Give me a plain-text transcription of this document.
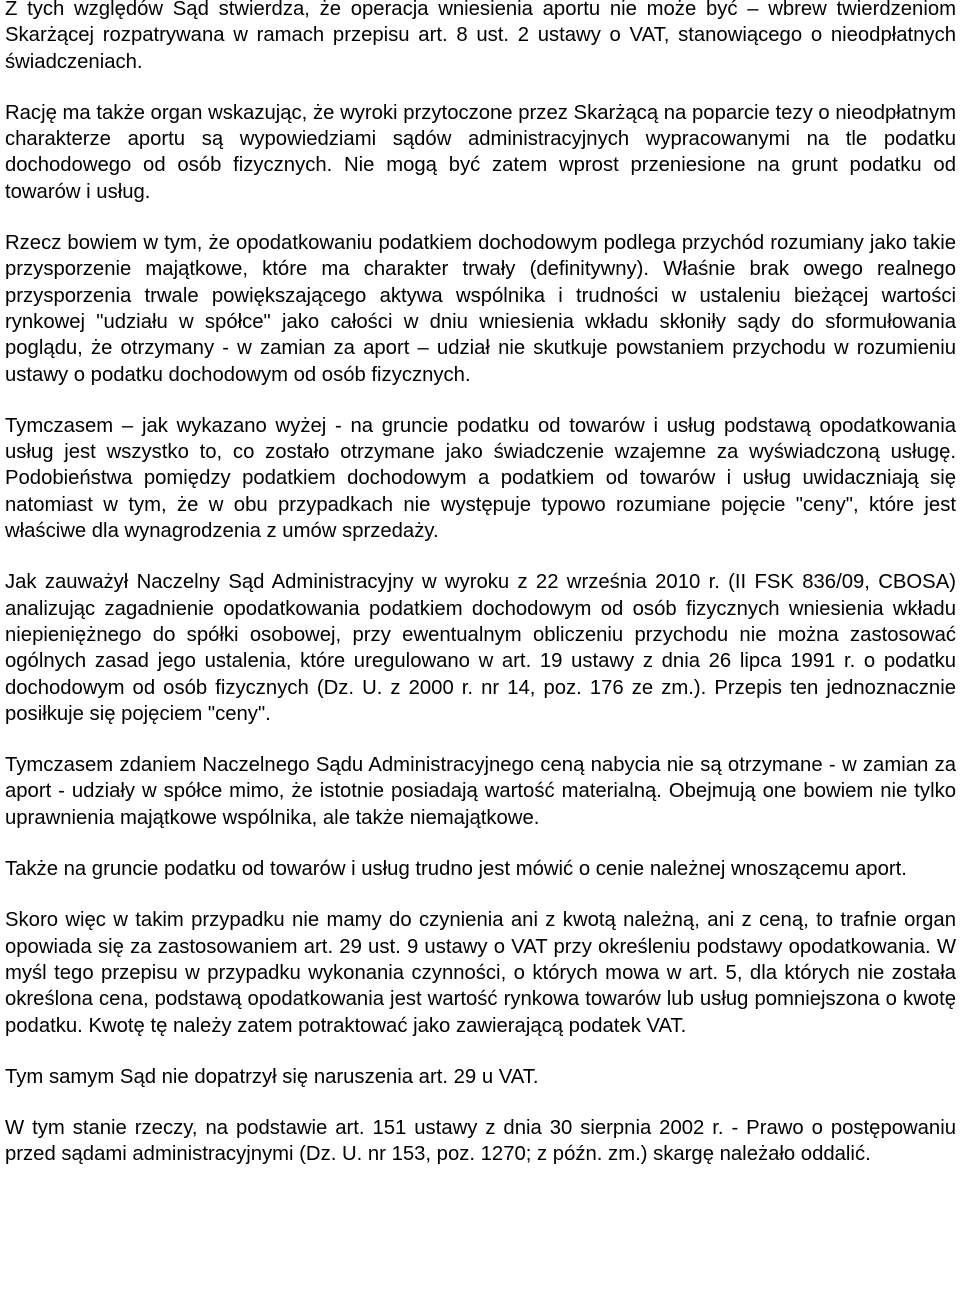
Z tych względów Sąd stwierdza, że operacja wniesienia aportu nie może być – wbrew twierdzeniom Skarżącej rozpatrywana w ramach przepisu art. 8 ust. 2 ustawy o VAT, stanowiącego o nieodpłatnych świadczeniach.

Rację ma także organ wskazując, że wyroki przytoczone przez Skarżącą na poparcie tezy o nieodpłatnym charakterze aportu są wypowiedziami sądów administracyjnych wypracowanymi na tle podatku dochodowego od osób fizycznych. Nie mogą być zatem wprost przeniesione na grunt podatku od towarów i usług.

Rzecz bowiem w tym, że opodatkowaniu podatkiem dochodowym podlega przychód rozumiany jako takie przysporzenie majątkowe, które ma charakter trwały (definitywny). Właśnie brak owego realnego przysporzenia trwale powiększającego aktywa wspólnika i trudności w ustaleniu bieżącej wartości rynkowej "udziału w spółce" jako całości w dniu wniesienia wkładu skłoniły sądy do sformułowania poglądu, że otrzymany - w zamian za aport – udział nie skutkuje powstaniem przychodu w rozumieniu ustawy o podatku dochodowym od osób fizycznych.

Tymczasem – jak wykazano wyżej - na gruncie podatku od towarów i usług podstawą opodatkowania usług jest wszystko to, co zostało otrzymane jako świadczenie wzajemne za wyświadczoną usługę. Podobieństwa pomiędzy podatkiem dochodowym a podatkiem od towarów i usług uwidaczniają się natomiast w tym, że w obu przypadkach nie występuje typowo rozumiane pojęcie "ceny", które jest właściwe dla wynagrodzenia z umów sprzedaży.

Jak zauważył Naczelny Sąd Administracyjny w wyroku z 22 września 2010 r. (II FSK 836/09, CBOSA) analizując zagadnienie opodatkowania podatkiem dochodowym od osób fizycznych wniesienia wkładu niepieniężnego do spółki osobowej, przy ewentualnym obliczeniu przychodu nie można zastosować ogólnych zasad jego ustalenia, które uregulowano w art. 19 ustawy z dnia 26 lipca 1991 r. o podatku dochodowym od osób fizycznych (Dz. U. z 2000 r. nr 14, poz. 176 ze zm.). Przepis ten jednoznacznie posiłkuje się pojęciem "ceny".

Tymczasem zdaniem Naczelnego Sądu Administracyjnego ceną nabycia nie są otrzymane - w zamian za aport - udziały w spółce mimo, że istotnie posiadają wartość materialną. Obejmują one bowiem nie tylko uprawnienia majątkowe wspólnika, ale także niemajątkowe.

Także na gruncie podatku od towarów i usług trudno jest mówić o cenie należnej wnoszącemu aport.

Skoro więc w takim przypadku nie mamy do czynienia ani z kwotą należną, ani z ceną, to trafnie organ opowiada się za zastosowaniem art. 29 ust. 9 ustawy o VAT przy określeniu podstawy opodatkowania. W myśl tego przepisu w przypadku wykonania czynności, o których mowa w art. 5, dla których nie została określona cena, podstawą opodatkowania jest wartość rynkowa towarów lub usług pomniejszona o kwotę podatku. Kwotę tę należy zatem potraktować jako zawierającą podatek VAT.

Tym samym Sąd nie dopatrzył się naruszenia art. 29 u VAT.

W tym stanie rzeczy, na podstawie art. 151 ustawy z dnia 30 sierpnia 2002 r. - Prawo o postępowaniu przed sądami administracyjnymi (Dz. U. nr 153, poz. 1270; z późn. zm.) skargę należało oddalić.
